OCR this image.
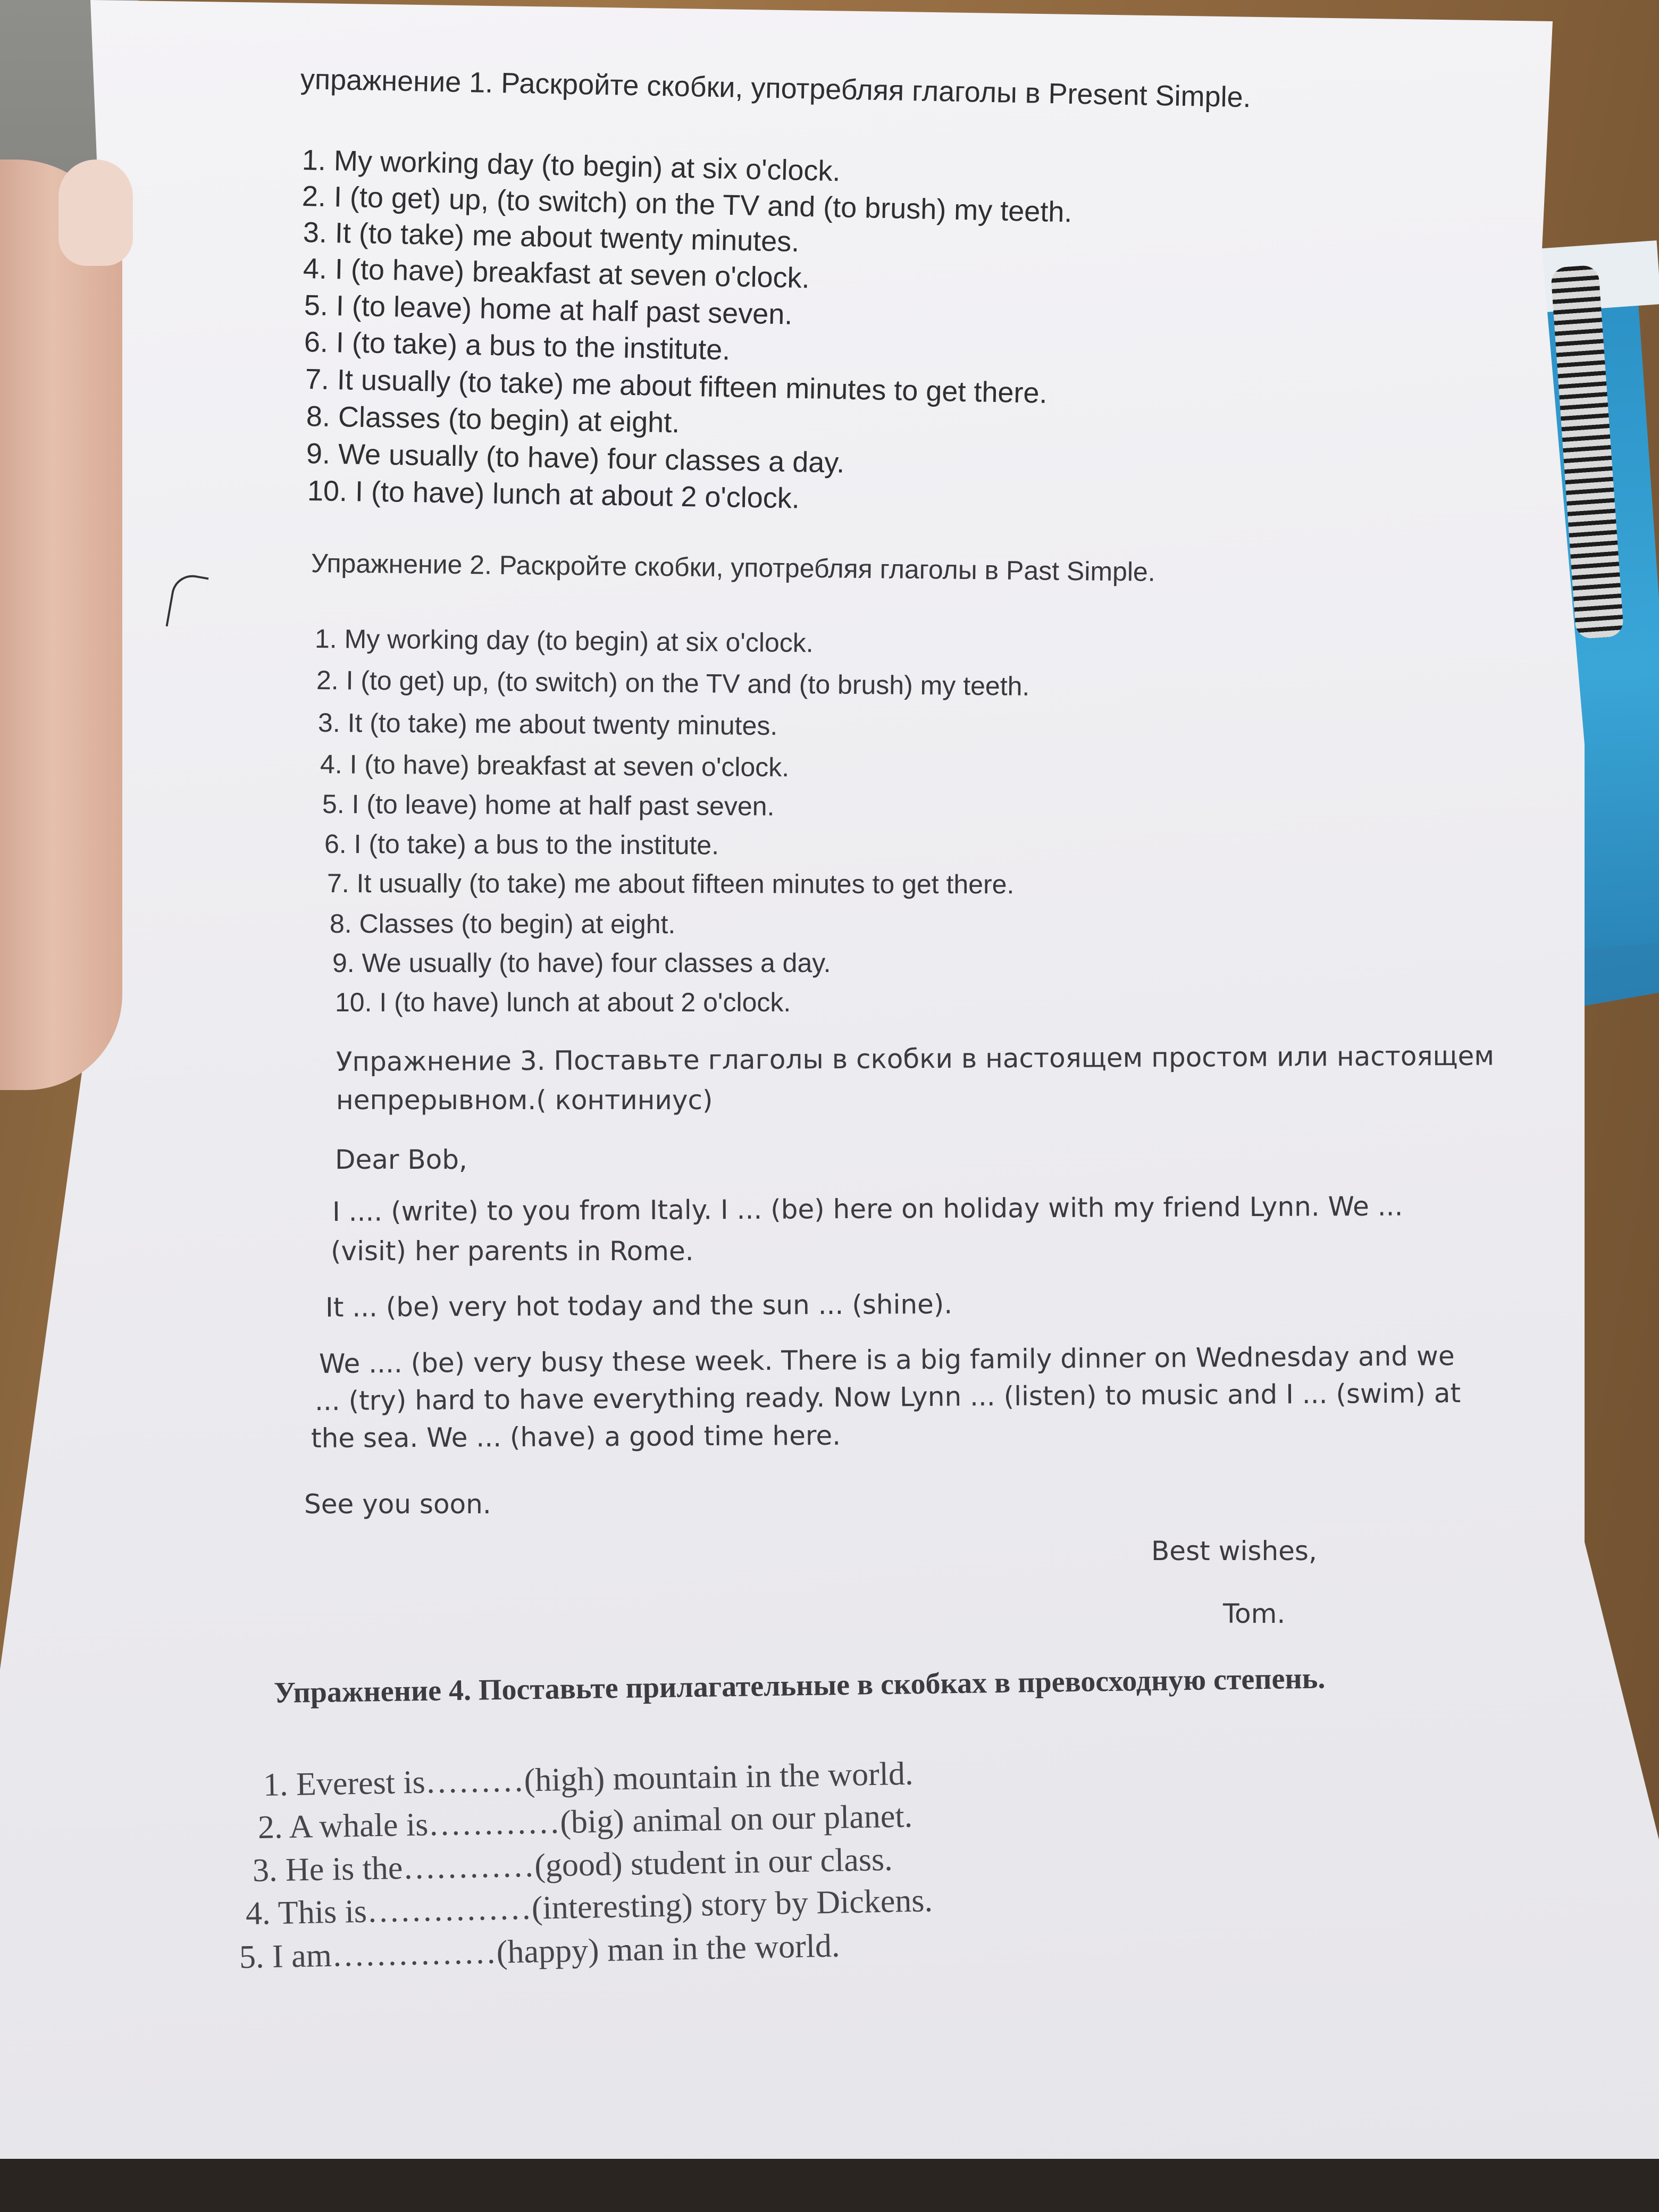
упражнение 1. Раскройте скобки, употребляя глаголы в Present Simple.
1. My working day (to begin) at six o'clock.
2. I (to get) up, (to switch) on the TV and (to brush) my teeth.
3. It (to take) me about twenty minutes.
4. I (to have) breakfast at seven o'clock.
5. I (to leave) home at half past seven.
6. I (to take) a bus to the institute.
7. It usually (to take) me about fifteen minutes to get there.
8. Classes (to begin) at eight.
9. We usually (to have) four classes a day.
10. I (to have) lunch at about 2 o'clock.
Упражнение 2. Раскройте скобки, употребляя глаголы в Past Simple.
1. My working day (to begin) at six o'clock.
2. I (to get) up, (to switch) on the TV and (to brush) my teeth.
3. It (to take) me about twenty minutes.
4. I (to have) breakfast at seven o'clock.
5. I (to leave) home at half past seven.
6. I (to take) a bus to the institute.
7. It usually (to take) me about fifteen minutes to get there.
8. Classes (to begin) at eight.
9. We usually (to have) four classes a day.
10. I (to have) lunch at about 2 o'clock.
Упражнение 3. Поставьте глаголы в скобки в настоящем простом или настоящем
непрерывном.( континиус)
Dear Bob,
I .... (write) to you from Italy. I ... (be) here on holiday with my friend Lynn. We ...
(visit) her parents in Rome.
It ... (be) very hot today and the sun ... (shine).
We .... (be) very busy these week. There is a big family dinner on Wednesday and we
... (try) hard to have everything ready. Now Lynn ... (listen) to music and I ... (swim) at
the sea. We ... (have) a good time here.
See you soon.
Best wishes,
Tom.
Упражнение 4. Поставьте прилагательные в скобках в превосходную степень.
1. Everest is………(high) mountain in the world.
2. A whale is…………(big) animal on our planet.
3. He is the…………(good) student in our class.
4. This is……………(interesting) story by Dickens.
5. I am……………(happy) man in the world.
